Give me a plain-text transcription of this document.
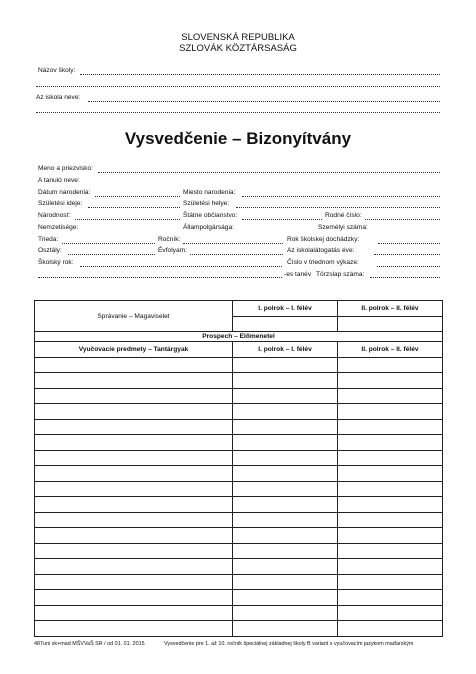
SLOVENSKÁ REPUBLIKA
SZLOVÁK KÖZTÁRSASÁG
Názov školy:
Az iskola neve:
Vysvedčenie – Bizonyítvány
Meno a priezvisko:
A tanuló neve:
Dátum narodenia:	Miesto narodenia:
Születési ideje:	Születési helye:
Národnosť:	Štátne občianstvo:	Rodné číslo:
Nemzetisége:	Állampolgársága:	Személyi száma:
Trieda:	Ročník:	Rok školskej dochádzky:
Osztály:	Évfolyam:	Az iskolalátogatás éve:
Školský rok:	Číslo v triednom výkaze:
-es tanév Törzslap száma:
Správanie – Magaviselet	I. polrok – I. félév	II. polrok – II. félév

Prospech – Előmenetel		
Vyučovacie predmety – Tantárgyak	I. polrok – I. félév	II. polrok – II. félév

487uni sk+mad MŠVVaŠ SR / od 01. 01. 2015	Vysvedčenie pre 1. až 10. ročník špeciálnej základnej školy B variant s vyučovacím jazykom maďarským
